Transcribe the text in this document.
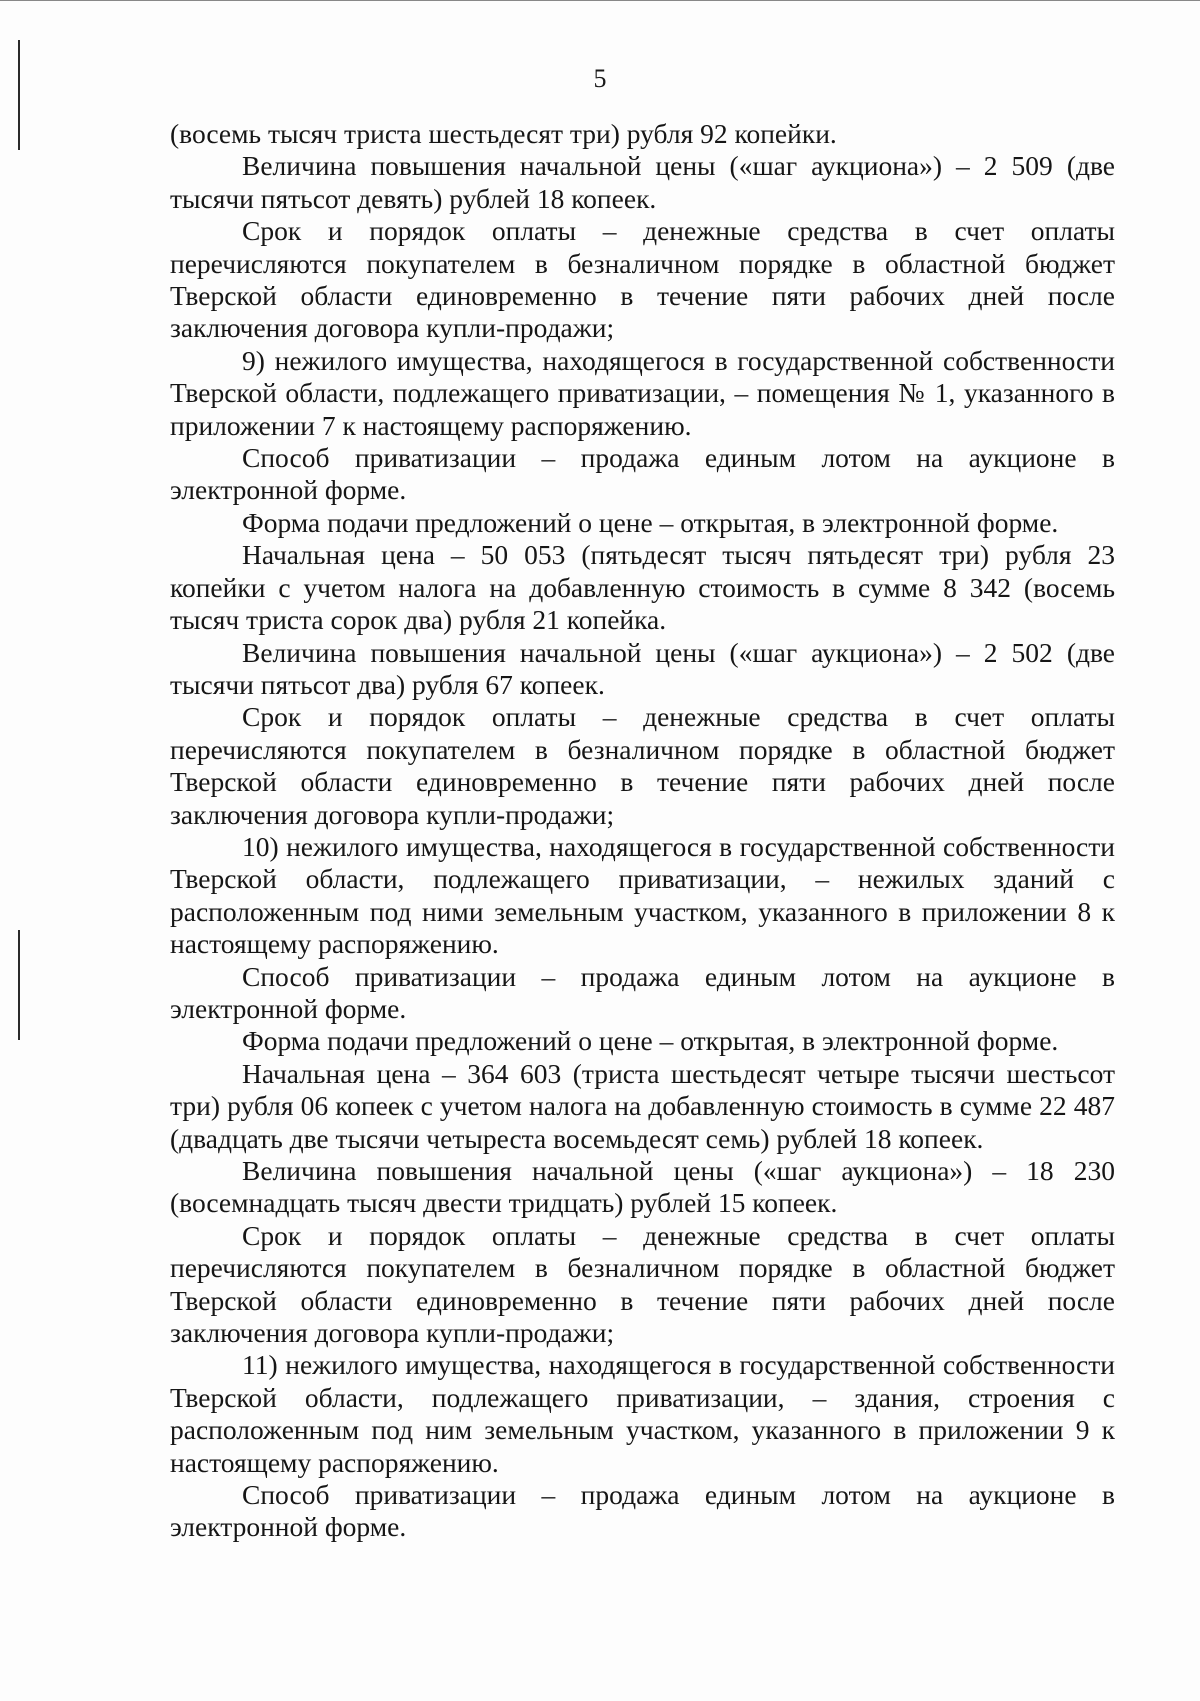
5

(восемь тысяч триста шестьдесят три) рубля 92 копейки.

Величина повышения начальной цены («шаг аукциона») – 2 509 (две тысячи пятьсот девять) рублей 18 копеек.

Срок и порядок оплаты – денежные средства в счет оплаты перечисляются покупателем в безналичном порядке в областной бюджет Тверской области единовременно в течение пяти рабочих дней после заключения договора купли-продажи;

9) нежилого имущества, находящегося в государственной собственности Тверской области, подлежащего приватизации, – помещения № 1, указанного в приложении 7 к настоящему распоряжению.

Способ приватизации – продажа единым лотом на аукционе в электронной форме.

Форма подачи предложений о цене – открытая, в электронной форме.

Начальная цена – 50 053 (пятьдесят тысяч пятьдесят три) рубля 23 копейки с учетом налога на добавленную стоимость в сумме 8 342 (восемь тысяч триста сорок два) рубля 21 копейка.

Величина повышения начальной цены («шаг аукциона») – 2 502 (две тысячи пятьсот два) рубля 67 копеек.

Срок и порядок оплаты – денежные средства в счет оплаты перечисляются покупателем в безналичном порядке в областной бюджет Тверской области единовременно в течение пяти рабочих дней после заключения договора купли-продажи;

10) нежилого имущества, находящегося в государственной собственности Тверской области, подлежащего приватизации, – нежилых зданий с расположенным под ними земельным участком, указанного в приложении 8 к настоящему распоряжению.

Способ приватизации – продажа единым лотом на аукционе в электронной форме.

Форма подачи предложений о цене – открытая, в электронной форме.

Начальная цена – 364 603 (триста шестьдесят четыре тысячи шестьсот три) рубля 06 копеек с учетом налога на добавленную стоимость в сумме 22 487 (двадцать две тысячи четыреста восемьдесят семь) рублей 18 копеек.

Величина повышения начальной цены («шаг аукциона») – 18 230 (восемнадцать тысяч двести тридцать) рублей 15 копеек.

Срок и порядок оплаты – денежные средства в счет оплаты перечисляются покупателем в безналичном порядке в областной бюджет Тверской области единовременно в течение пяти рабочих дней после заключения договора купли-продажи;

11) нежилого имущества, находящегося в государственной собственности Тверской области, подлежащего приватизации, – здания, строения с расположенным под ним земельным участком, указанного в приложении 9 к настоящему распоряжению.

Способ приватизации – продажа единым лотом на аукционе в электронной форме.
